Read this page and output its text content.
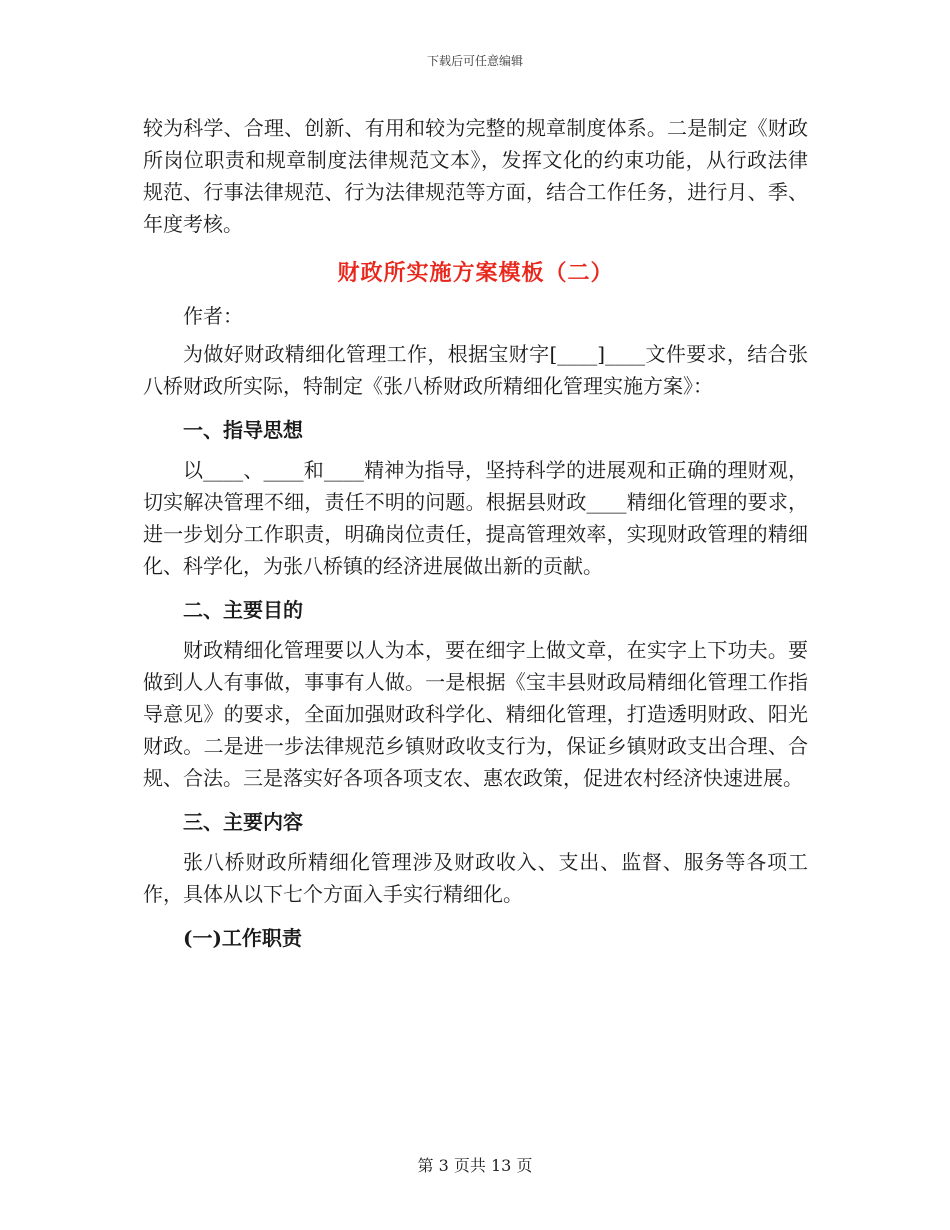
下载后可任意编辑

较为科学、合理、创新、有用和较为完整的规章制度体系。二是制定《财政所岗位职责和规章制度法律规范文本》，发挥文化的约束功能，从行政法律规范、行事法律规范、行为法律规范等方面，结合工作任务，进行月、季、年度考核。

财政所实施方案模板（二）

作者：

为做好财政精细化管理工作，根据宝财字[____]____文件要求，结合张八桥财政所实际，特制定《张八桥财政所精细化管理实施方案》：

一、指导思想

以____、____和____精神为指导，坚持科学的进展观和正确的理财观，切实解决管理不细，责任不明的问题。根据县财政____精细化管理的要求，进一步划分工作职责，明确岗位责任，提高管理效率，实现财政管理的精细化、科学化，为张八桥镇的经济进展做出新的贡献。

二、主要目的

财政精细化管理要以人为本，要在细字上做文章，在实字上下功夫。要做到人人有事做，事事有人做。一是根据《宝丰县财政局精细化管理工作指导意见》的要求，全面加强财政科学化、精细化管理，打造透明财政、阳光财政。二是进一步法律规范乡镇财政收支行为，保证乡镇财政支出合理、合规、合法。三是落实好各项各项支农、惠农政策，促进农村经济快速进展。

三、主要内容

张八桥财政所精细化管理涉及财政收入、支出、监督、服务等各项工作，具体从以下七个方面入手实行精细化。

(一)工作职责

第 3 页共 13 页
